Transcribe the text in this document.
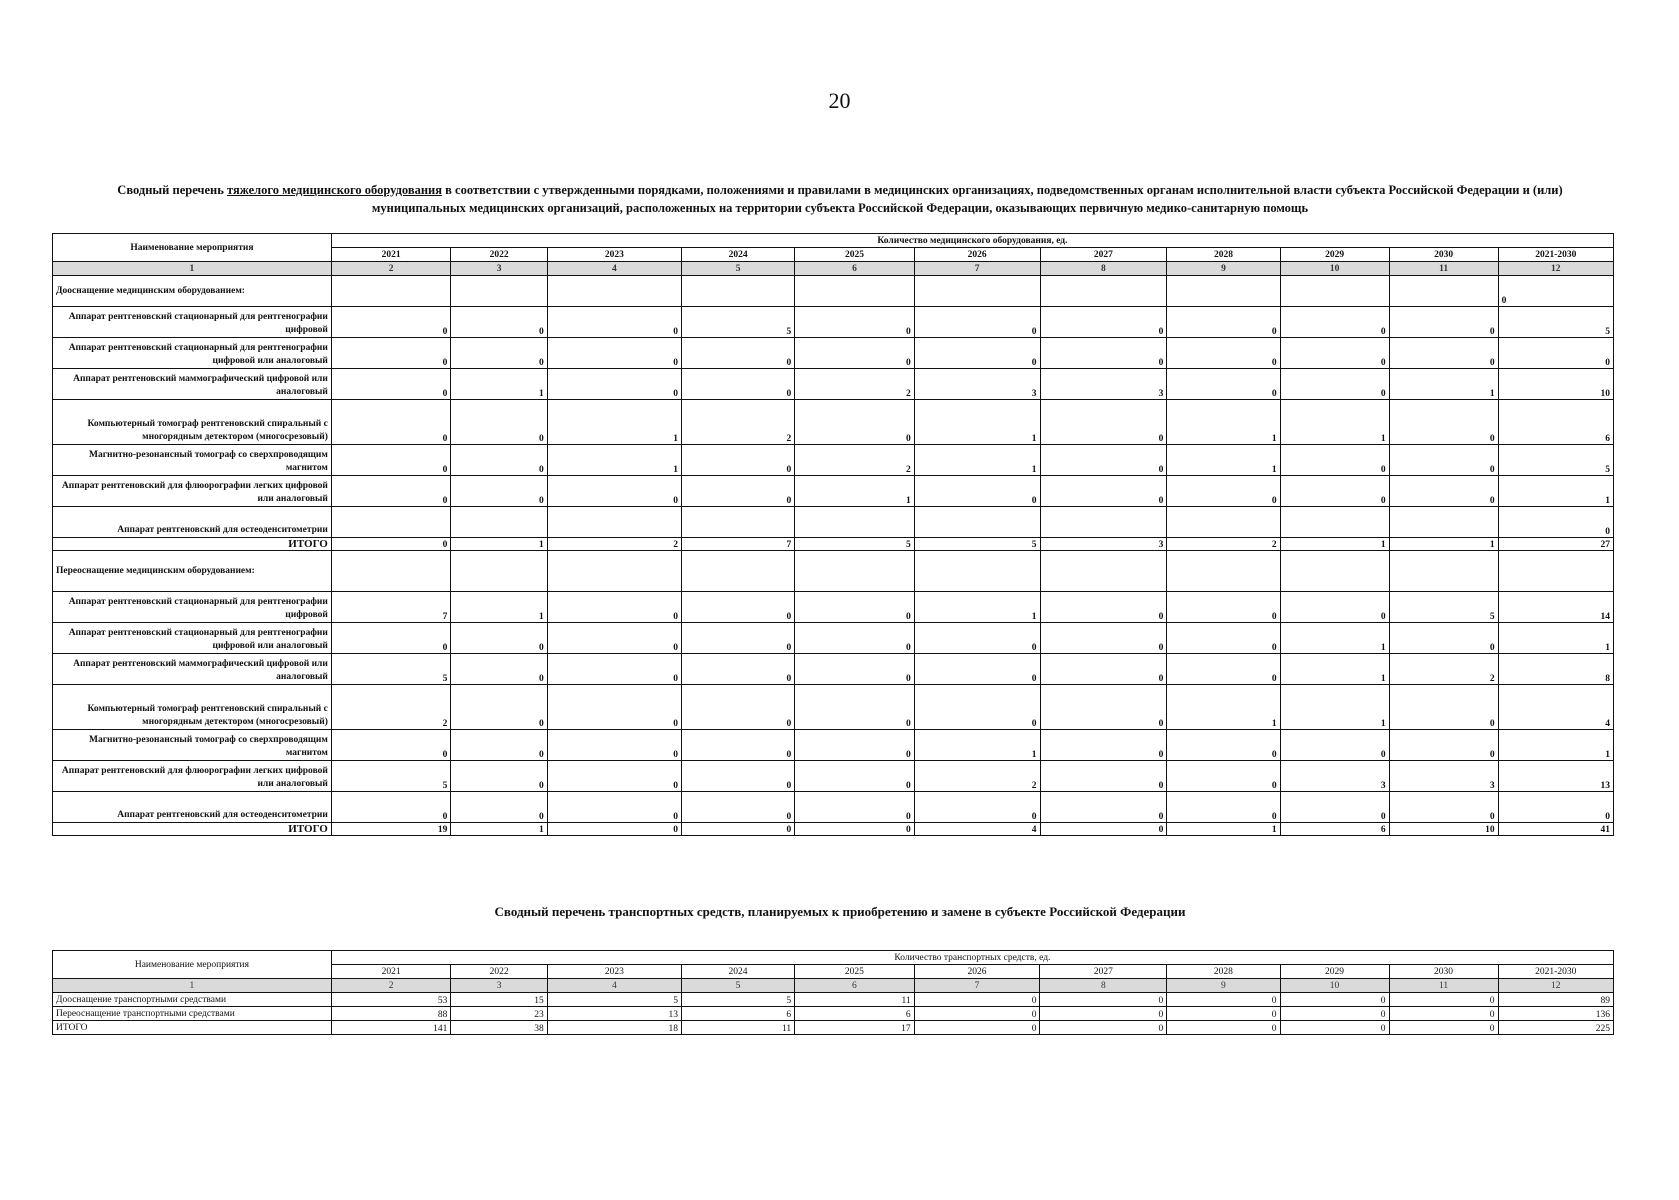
20
Сводный перечень тяжелого медицинского оборудования в соответствии с утвержденными порядками, положениями и правилами в медицинских организациях, подведомственных органам исполнительной власти субъекта Российской Федерации и (или) муниципальных медицинских организаций, расположенных на территории субъекта Российской Федерации, оказывающих первичную медико-санитарную помощь
Наименование мероприятия	Количество медицинского оборудования, ед.										
	2021	2022	2023	2024	2025	2026	2027	2028	2029	2030	2021-2030
1	2	3	4	5	6	7	8	9	10	11	12
Дооснащение медицинским оборудованием:											0
Аппарат рентгеновский стационарный для рентгенографии цифровой	0	0	0	5	0	0	0	0	0	0	5
Аппарат рентгеновский стационарный для рентгенографии цифровой или аналоговый	0	0	0	0	0	0	0	0	0	0	0
Аппарат рентгеновский маммографический цифровой или аналоговый	0	1	0	0	2	3	3	0	0	1	10
Компьютерный томограф рентгеновский спиральный с многорядным детектором (многосрезовый)	0	0	1	2	0	1	0	1	1	0	6
Магнитно-резонансный томограф со сверхпроводящим магнитом	0	0	1	0	2	1	0	1	0	0	5
Аппарат рентгеновский для флюорографии легких цифровой или аналоговый	0	0	0	0	1	0	0	0	0	0	1
Аппарат рентгеновский для остеоденситометрии											0
ИТОГО	0	1	2	7	5	5	3	2	1	1	27
Переоснащение медицинским оборудованием:											
Аппарат рентгеновский стационарный для рентгенографии цифровой	7	1	0	0	0	1	0	0	0	5	14
Аппарат рентгеновский стационарный для рентгенографии цифровой или аналоговый	0	0	0	0	0	0	0	0	1	0	1
Аппарат рентгеновский маммографический цифровой или аналоговый	5	0	0	0	0	0	0	0	1	2	8
Компьютерный томограф рентгеновский спиральный с многорядным детектором (многосрезовый)	2	0	0	0	0	0	0	1	1	0	4
Магнитно-резонансный томограф со сверхпроводящим магнитом	0	0	0	0	0	1	0	0	0	0	1
Аппарат рентгеновский для флюорографии легких цифровой или аналоговый	5	0	0	0	0	2	0	0	3	3	13
Аппарат рентгеновский для остеоденситометрии	0	0	0	0	0	0	0	0	0	0	0
ИТОГО	19	1	0	0	0	4	0	1	6	10	41
Сводный перечень транспортных средств, планируемых к приобретению и замене в субъекте Российской Федерации
Наименование мероприятия	Количество транспортных средств, ед.										
	2021	2022	2023	2024	2025	2026	2027	2028	2029	2030	2021-2030
1	2	3	4	5	6	7	8	9	10	11	12
Дооснащение транспортными средствами	53	15	5	5	11	0	0	0	0	0	89
Переоснащение транспортными средствами	88	23	13	6	6	0	0	0	0	0	136
ИТОГО	141	38	18	11	17	0	0	0	0	0	225
